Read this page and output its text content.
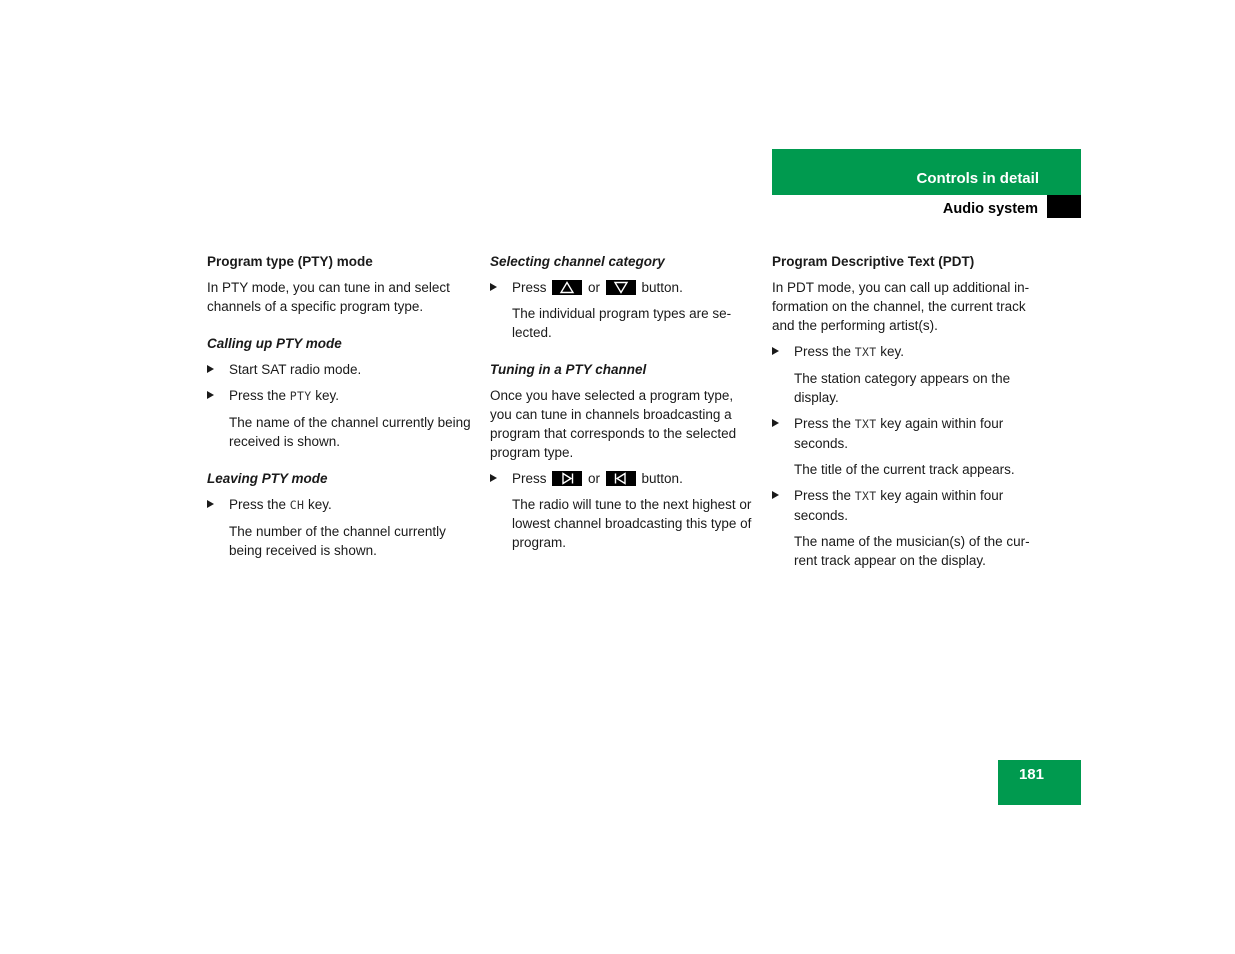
Controls in detail
Audio system

Program type (PTY) mode

In PTY mode, you can tune in and select channels of a specific program type.

Calling up PTY mode

Start SAT radio mode.
Press the PTY key.

The name of the channel currently being received is shown.

Leaving PTY mode

Press the CH key.

The number of the channel currently being received is shown.

Selecting channel category

Press	or	button.

The individual program types are se-lected.

Tuning in a PTY channel

Once you have selected a program type, you can tune in channels broadcasting a program that corresponds to the selected program type.

Press	or	button.

The radio will tune to the next highest or lowest channel broadcasting this type of program.

Program Descriptive Text (PDT)

In PDT mode, you can call up additional in-formation on the channel, the current track and the performing artist(s).

Press the TXT key.

The station category appears on the display.

Press the TXT key again within four seconds.

The title of the current track appears.

Press the TXT key again within four seconds.

The name of the musician(s) of the cur-rent track appear on the display.

181
